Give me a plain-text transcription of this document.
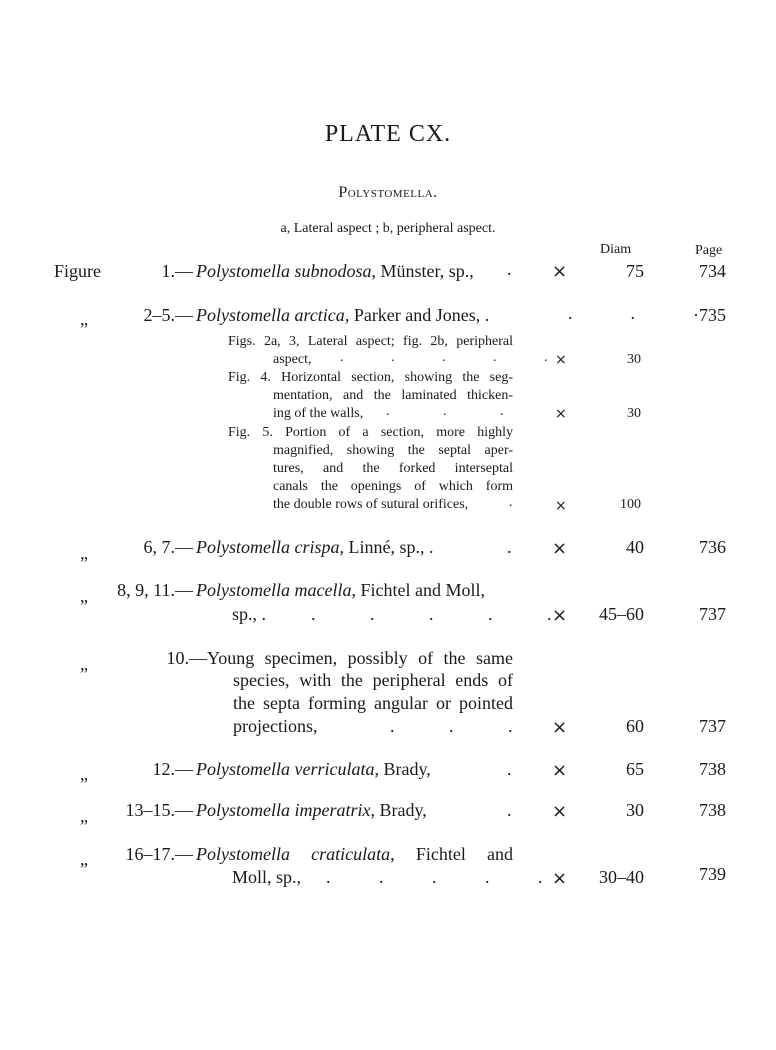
PLATE CX.
Polystomella.
a, Lateral aspect ; b, peripheral aspect.
Diam	Page
Figure	1.— Polystomella subnodosa, Münster, sp., . ×	75	734
„	2–5.— Polystomella arctica, Parker and Jones, .	.	.	·735
Figs. 2a, 3, Lateral aspect; fig. 2b, peripheral
aspect, . . . . . ×	30
Fig. 4. Horizontal section, showing the seg-
mentation, and the laminated thicken-
ing of the walls, . . .	×	30
Fig. 5. Portion of a section, more highly
magnified, showing the septal aper-
tures, and the forked interseptal
canals the openings of which form
the double rows of sutural orifices,	.	×	100
„	6, 7.— Polystomella crispa, Linné, sp., .	. ×	40	736
„ 8, 9, 11.— Polystomella macella, Fichtel and Moll,
sp., . . . . . . ×	45–60	737
„	10.— Young specimen, possibly of the same
species, with the peripheral ends of
the septa forming angular or pointed
projections,	. . . ×	60	737
„	12.— Polystomella verriculata, Brady,	. ×	65	738
„ 13–15.— Polystomella imperatrix, Brady,	. ×	30	738
„ 16–17.— Polystomella craticulata, Fichtel and
Moll, sp., . . . . . ×	30–40	739
